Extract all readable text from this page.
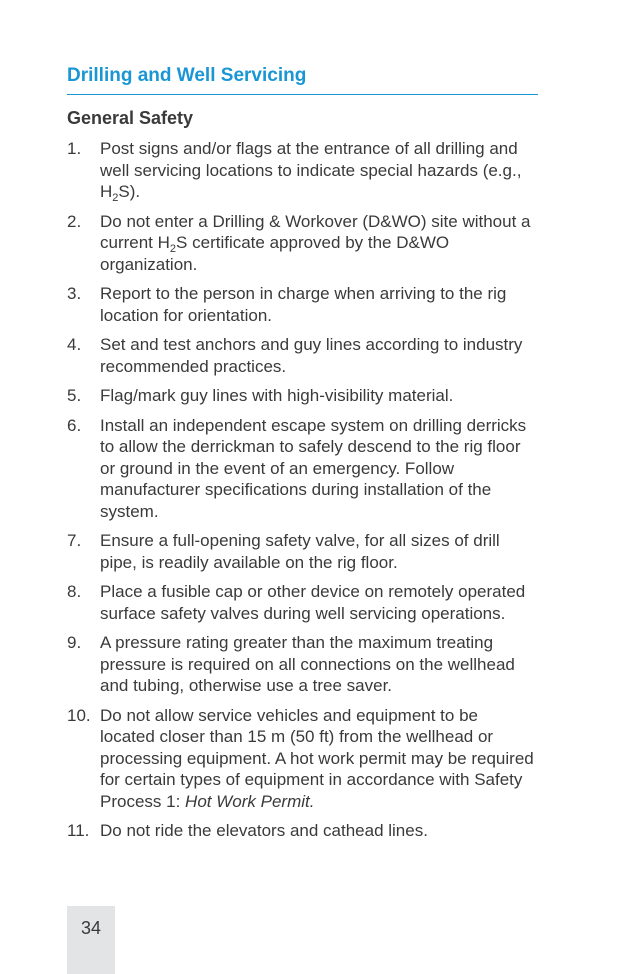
Drilling and Well Servicing
General Safety
1.	Post signs and/or flags at the entrance of all drilling and well servicing locations to indicate special hazards (e.g., $H_2S$).
2.	Do not enter a Drilling & Workover (D&WO) site without a current $H_2S$ certificate approved by the D&WO organization.
3.	Report to the person in charge when arriving to the rig location for orientation.
4.	Set and test anchors and guy lines according to industry recommended practices.
5.	Flag/mark guy lines with high-visibility material.
6.	Install an independent escape system on drilling derricks to allow the derrickman to safely descend to the rig floor or ground in the event of an emergency. Follow manufacturer specifications during installation of the system.
7.	Ensure a full-opening safety valve, for all sizes of drill pipe, is readily available on the rig floor.
8.	Place a fusible cap or other device on remotely operated surface safety valves during well servicing operations.
9.	A pressure rating greater than the maximum treating pressure is required on all connections on the wellhead and tubing, otherwise use a tree saver.
10. Do not allow service vehicles and equipment to be located closer than 15 m (50 ft) from the wellhead or processing equipment. A hot work permit may be required for certain types of equipment in accordance with Safety Process 1: Hot Work Permit.
11. Do not ride the elevators and cathead lines.
34
